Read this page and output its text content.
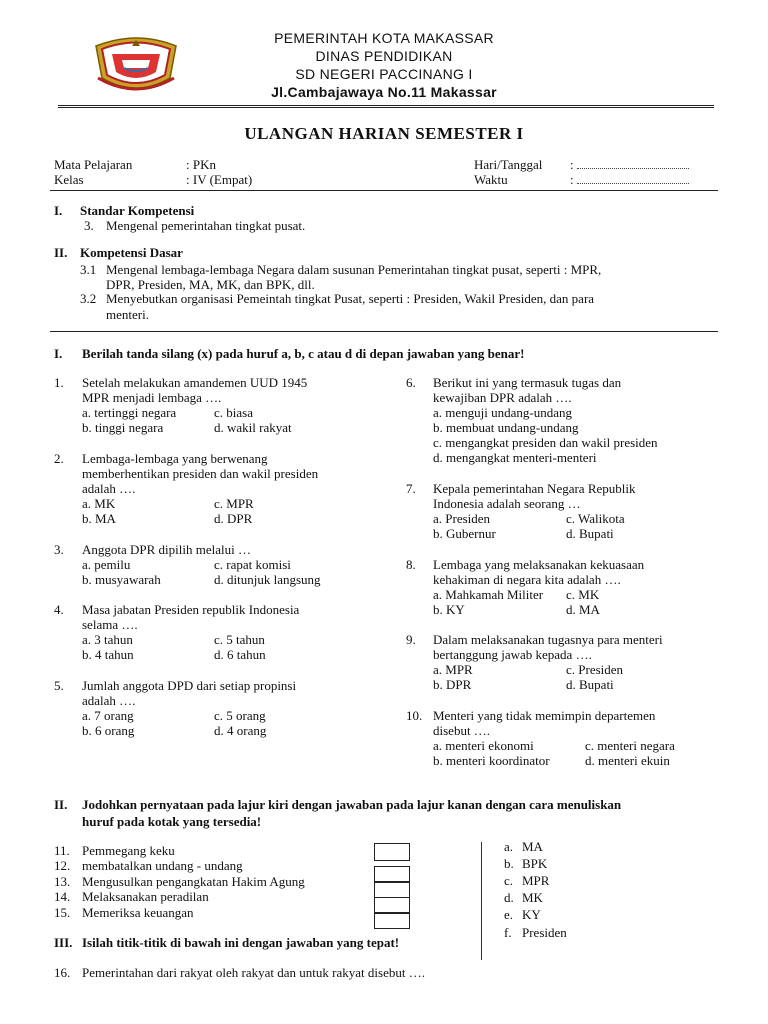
PEMERINTAH KOTA MAKASSAR
DINAS PENDIDIKAN
SD NEGERI PACCINANG I
Jl.Cambajawaya No.11 Makassar
ULANGAN HARIAN SEMESTER I
Mata Pelajaran	: PKn
Kelas	: IV (Empat)
Hari/Tanggal :
Waktu	:
I. Standar Kompetensi
3. Mengenal pemerintahan tingkat pusat.
II. Kompetensi Dasar
3.1 Mengenal lembaga-lembaga Negara dalam susunan Pemerintahan tingkat pusat, seperti : MPR,
DPR, Presiden, MA, MK, dan BPK, dll.
3.2 Menyebutkan organisasi Pemeintah tingkat Pusat, seperti : Presiden, Wakil Presiden, dan para
menteri.
I. Berilah tanda silang (x) pada huruf a, b, c atau d di depan jawaban yang benar!
1. Setelah melakukan amandemen UUD 1945
MPR menjadi lembaga ….
a. tertinggi negara	c. biasa
b. tinggi negara	d. wakil rakyat
2. Lembaga-lembaga yang berwenang
memberhentikan presiden dan wakil presiden
adalah ….
a. MK	c. MPR
b. MA	d. DPR
3. Anggota DPR dipilih melalui …
a. pemilu	c. rapat komisi
b. musyawarah	d. ditunjuk langsung
4. Masa jabatan Presiden republik Indonesia
selama ….
a. 3 tahun	c. 5 tahun
b. 4 tahun	d. 6 tahun
5. Jumlah anggota DPD dari setiap propinsi
adalah ….
a. 7 orang	c. 5 orang
b. 6 orang	d. 4 orang
6. Berikut ini yang termasuk tugas dan
kewajiban DPR adalah ….
a. menguji undang-undang
b. membuat undang-undang
c. mengangkat presiden dan wakil presiden
d. mengangkat menteri-menteri
7. Kepala pemerintahan Negara Republik
Indonesia adalah seorang …
a. Presiden	c. Walikota
b. Gubernur	d. Bupati
8. Lembaga yang melaksanakan kekuasaan
kehakiman di negara kita adalah ….
a. Mahkamah Militer c. MK
b. KY	d. MA
9. Dalam melaksanakan tugasnya para menteri
bertanggung jawab kepada ….
a. MPR	c. Presiden
b. DPR	d. Bupati
10. Menteri yang tidak memimpin departemen
disebut ….
a. menteri ekonomi	c. menteri negara
b. menteri koordinator	d. menteri ekuin
II. Jodohkan pernyataan pada lajur kiri dengan jawaban pada lajur kanan dengan cara menuliskan
huruf pada kotak yang tersedia!
11. Pemmegang keku
12. membatalkan undang - undang
13. Mengusulkan pengangkatan Hakim Agung
14. Melaksanakan peradilan
15. Memeriksa keuangan
a. MA
b. BPK
c. MPR
d. MK
e. KY
f. Presiden
III. Isilah titik-titik di bawah ini dengan jawaban yang tepat!
16. Pemerintahan dari rakyat oleh rakyat dan untuk rakyat disebut ….
